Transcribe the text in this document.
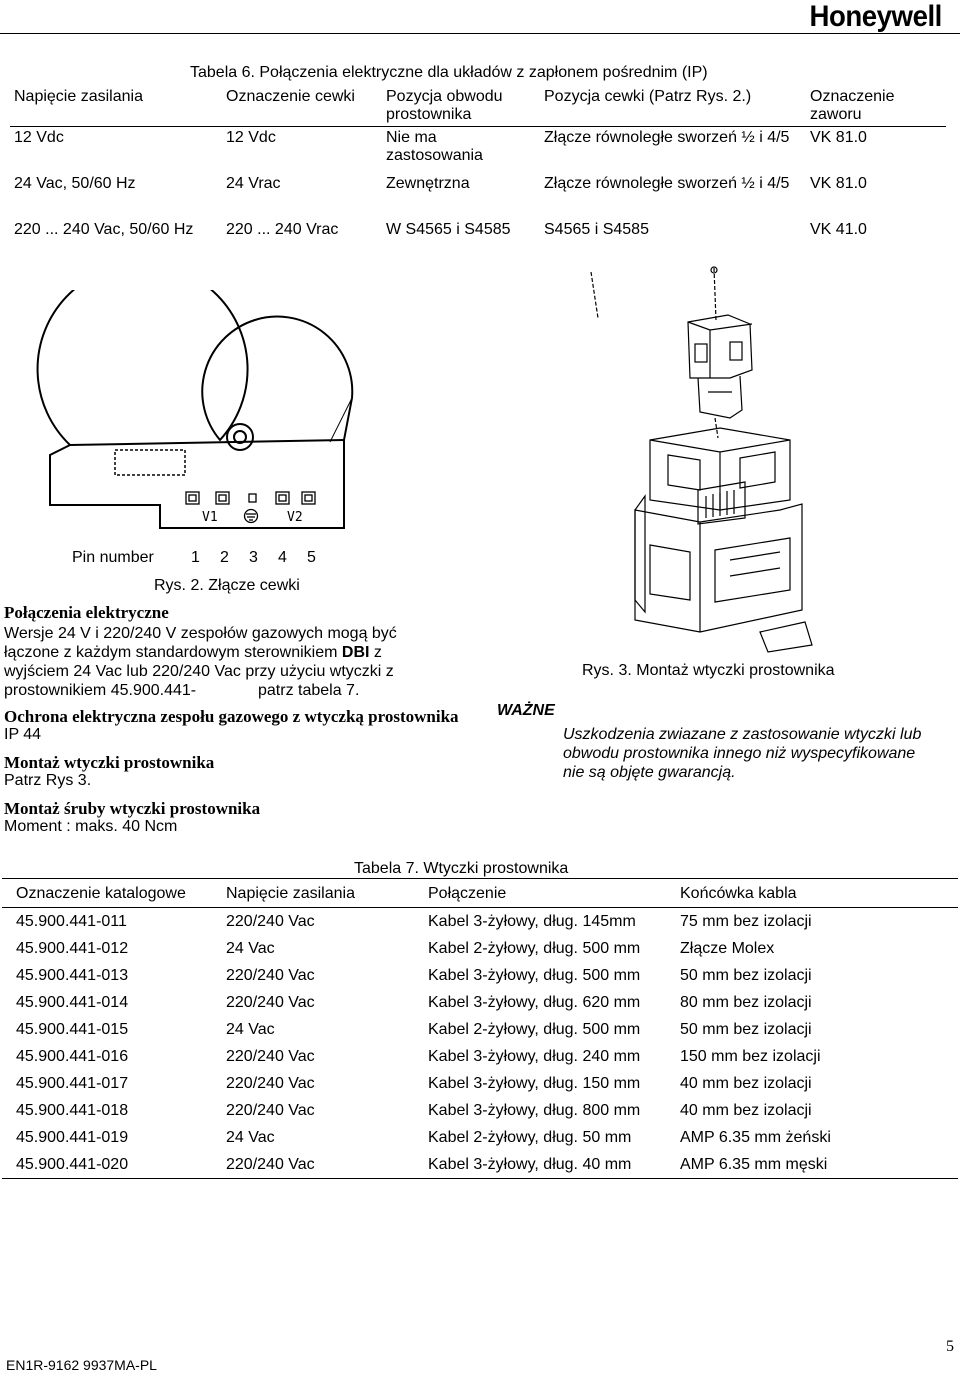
Honeywell
Tabela 6. Połączenia elektryczne dla układów z zapłonem pośrednim (IP)
Napięcie zasilania	Oznaczenie cewki	Pozycja obwodu prostownika	Pozycja cewki (Patrz Rys. 2.)	Oznaczenie zaworu
12 Vdc	12 Vdc	Nie ma zastosowania	Złącze równoległe sworzeń ½ i 4/5	VK 81.0
24 Vac, 50/60 Hz	24 Vrac	Zewnętrzna	Złącze równoległe sworzeń ½ i 4/5	VK 81.0
220 ... 240 Vac, 50/60 Hz	220 ... 240 Vrac	W S4565 i S4585	S4565 i S4585	VK 41.0
V1	V2
Pin number 1 2 3 4 5
Rys. 2. Złącze cewki
Rys. 3. Montaż wtyczki prostownika
Połączenia elektryczne
Wersje 24 V i 220/240 V zespołów gazowych mogą być
łączone z każdym standardowym sterownikiem DBI z
wyjściem 24 Vac lub 220/240 Vac przy użyciu wtyczki z
prostownikiem 45.900.441-	patrz tabela 7.
Ochrona elektryczna zespołu gazowego z wtyczką prostownika
IP 44
Montaż wtyczki prostownika
Patrz Rys 3.
Montaż śruby wtyczki prostownika
Moment : maks. 40 Ncm
WAŻNE
Uszkodzenia zwiazane z zastosowanie wtyczki lub
obwodu prostownika innego niż wyspecyfikowane
nie są objęte gwarancją.
Tabela 7. Wtyczki prostownika
Oznaczenie katalogowe	Napięcie zasilania	Połączenie	Końcówka kabla
45.900.441-011	220/240 Vac	Kabel 3-żyłowy, dług. 145mm	75 mm bez izolacji
45.900.441-012	24 Vac	Kabel 2-żyłowy, dług. 500 mm	Złącze Molex
45.900.441-013	220/240 Vac	Kabel 3-żyłowy, dług. 500 mm	50 mm bez izolacji
45.900.441-014	220/240 Vac	Kabel 3-żyłowy, dług. 620 mm	80 mm bez izolacji
45.900.441-015	24 Vac	Kabel 2-żyłowy, dług. 500 mm	50 mm bez izolacji
45.900.441-016	220/240 Vac	Kabel 3-żyłowy, dług. 240 mm	150 mm bez izolacji
45.900.441-017	220/240 Vac	Kabel 3-żyłowy, dług. 150 mm	40 mm bez izolacji
45.900.441-018	220/240 Vac	Kabel 3-żyłowy, dług. 800 mm	40 mm bez izolacji
45.900.441-019	24 Vac	Kabel 2-żyłowy, dług. 50 mm	AMP 6.35 mm żeński
45.900.441-020	220/240 Vac	Kabel 3-żyłowy, dług. 40 mm	AMP 6.35 mm męski
EN1R-9162 9937MA-PL
5
